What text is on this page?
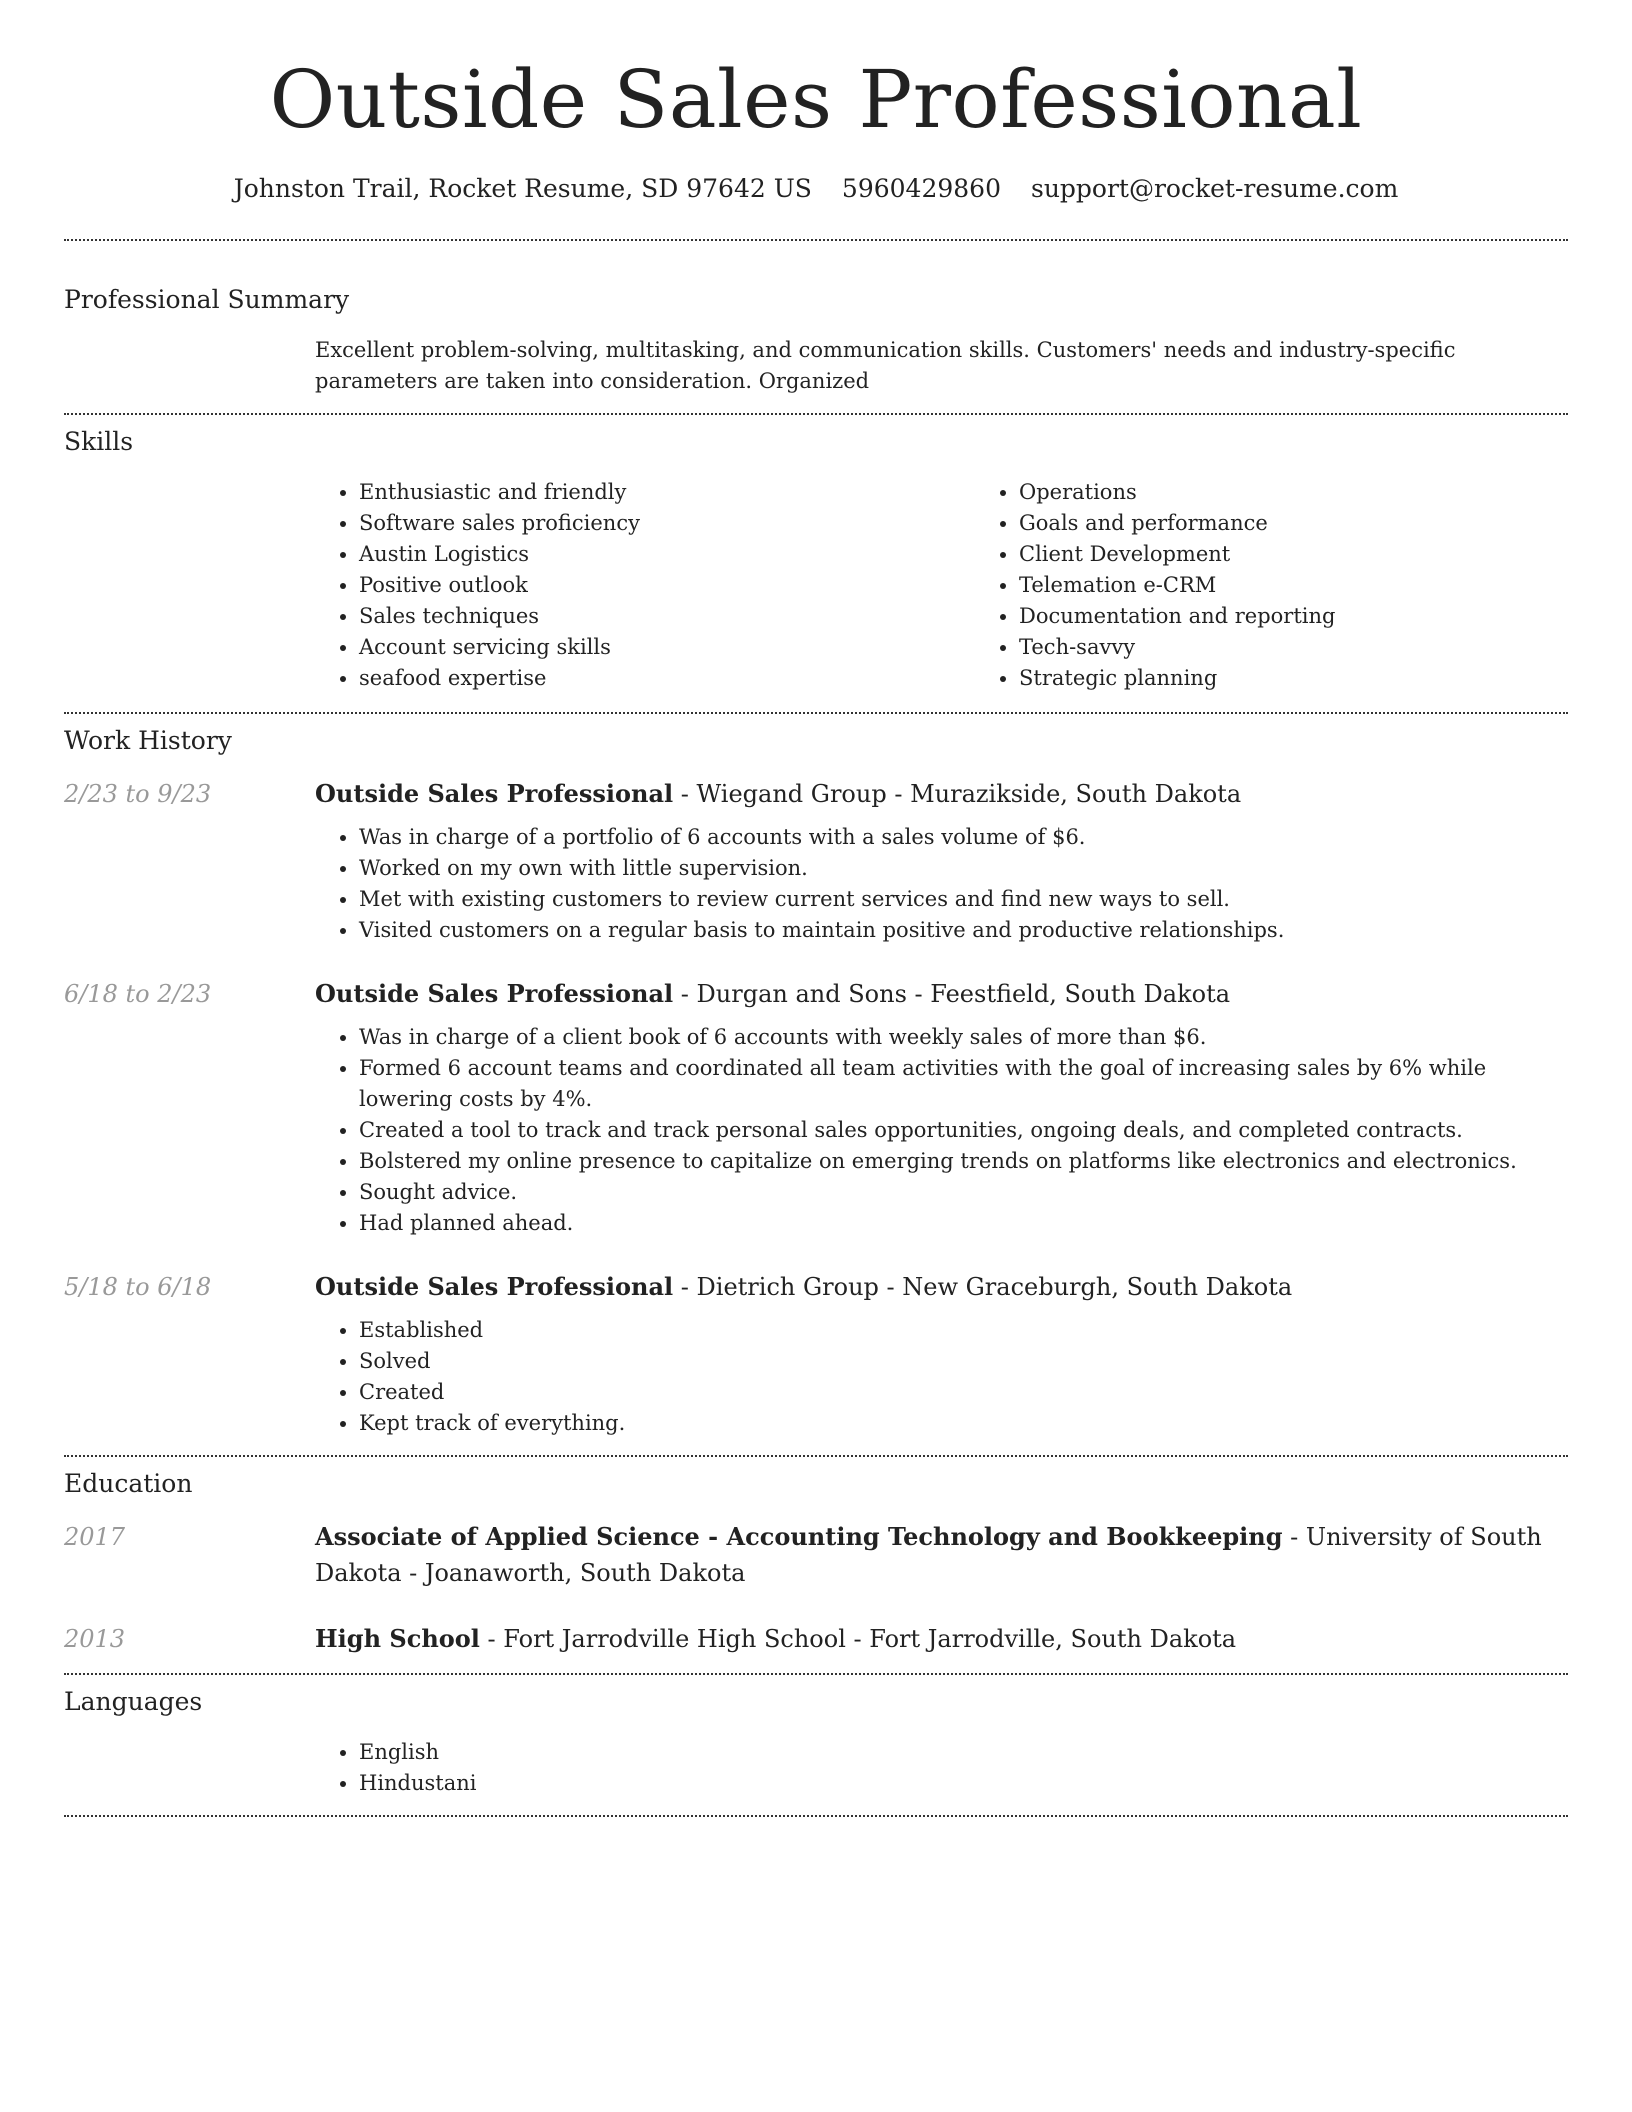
Outside Sales Professional
Johnston Trail, Rocket Resume, SD 97642 US 5960429860 support@rocket-resume.com
Professional Summary
Excellent problem-solving, multitasking, and communication skills. Customers' needs and industry-specific parameters are taken into consideration. Organized
Skills
• Enthusiastic and friendly
• Software sales proficiency
• Austin Logistics
• Positive outlook
• Sales techniques
• Account servicing skills
• seafood expertise
• Operations
• Goals and performance
• Client Development
• Telemation e-CRM
• Documentation and reporting
• Tech-savvy
• Strategic planning
Work History
2/23 to 9/23	Outside Sales Professional - Wiegand Group - Murazikside, South Dakota
• Was in charge of a portfolio of 6 accounts with a sales volume of $6.
• Worked on my own with little supervision.
• Met with existing customers to review current services and find new ways to sell.
• Visited customers on a regular basis to maintain positive and productive relationships.
6/18 to 2/23	Outside Sales Professional - Durgan and Sons - Feestfield, South Dakota
• Was in charge of a client book of 6 accounts with weekly sales of more than $6.
• Formed 6 account teams and coordinated all team activities with the goal of increasing sales by 6% while lowering costs by 4%.
• Created a tool to track and track personal sales opportunities, ongoing deals, and completed contracts.
• Bolstered my online presence to capitalize on emerging trends on platforms like electronics and electronics.
• Sought advice.
• Had planned ahead.
5/18 to 6/18	Outside Sales Professional - Dietrich Group - New Graceburgh, South Dakota
• Established
• Solved
• Created
• Kept track of everything.
Education
2017	Associate of Applied Science - Accounting Technology and Bookkeeping - University of South Dakota - Joanaworth, South Dakota
2013	High School - Fort Jarrodville High School - Fort Jarrodville, South Dakota
Languages
• English
• Hindustani
